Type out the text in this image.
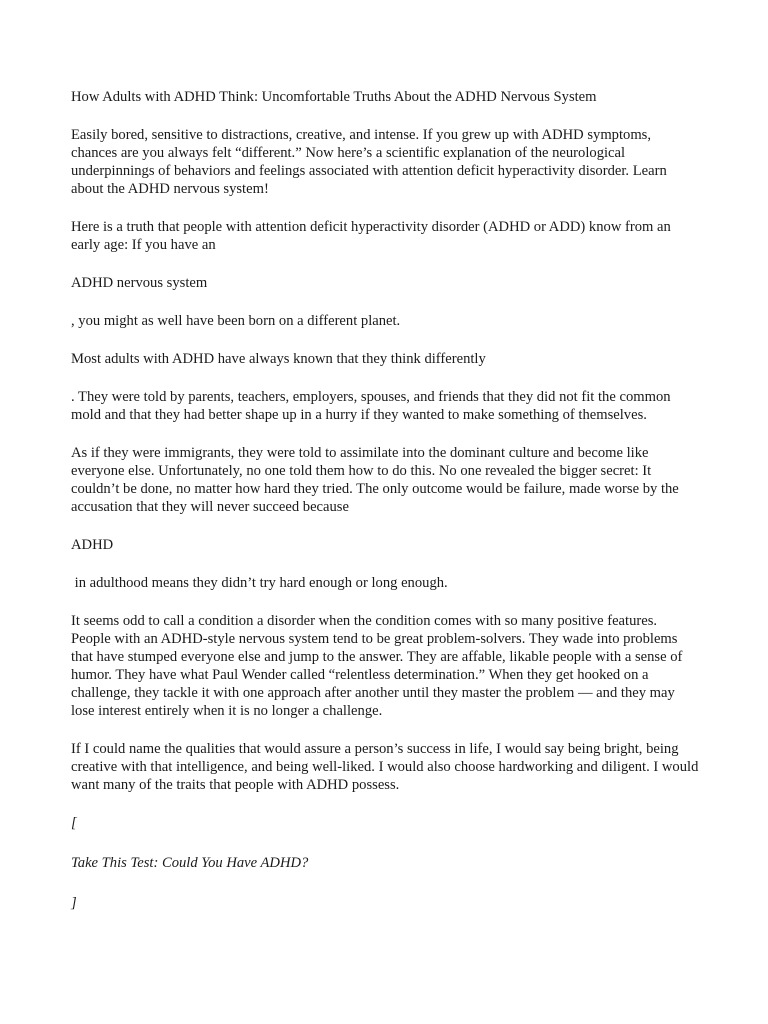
How Adults with ADHD Think: Uncomfortable Truths About the ADHD Nervous System

Easily bored, sensitive to distractions, creative, and intense. If you grew up with ADHD symptoms, chances are you always felt “different.” Now here’s a scientific explanation of the neurological underpinnings of behaviors and feelings associated with attention deficit hyperactivity disorder. Learn about the ADHD nervous system!

Here is a truth that people with attention deficit hyperactivity disorder (ADHD or ADD) know from an early age: If you have an

ADHD nervous system

, you might as well have been born on a different planet.

Most adults with ADHD have always known that they think differently

. They were told by parents, teachers, employers, spouses, and friends that they did not fit the common mold and that they had better shape up in a hurry if they wanted to make something of themselves.

As if they were immigrants, they were told to assimilate into the dominant culture and become like everyone else. Unfortunately, no one told them how to do this. No one revealed the bigger secret: It couldn’t be done, no matter how hard they tried. The only outcome would be failure, made worse by the accusation that they will never succeed because

ADHD

in adulthood means they didn’t try hard enough or long enough.

It seems odd to call a condition a disorder when the condition comes with so many positive features. People with an ADHD-style nervous system tend to be great problem-solvers. They wade into problems that have stumped everyone else and jump to the answer. They are affable, likable people with a sense of humor. They have what Paul Wender called “relentless determination.” When they get hooked on a challenge, they tackle it with one approach after another until they master the problem — and they may lose interest entirely when it is no longer a challenge.

If I could name the qualities that would assure a person’s success in life, I would say being bright, being creative with that intelligence, and being well-liked. I would also choose hardworking and diligent. I would want many of the traits that people with ADHD possess.

[

Take This Test: Could You Have ADHD?

]
